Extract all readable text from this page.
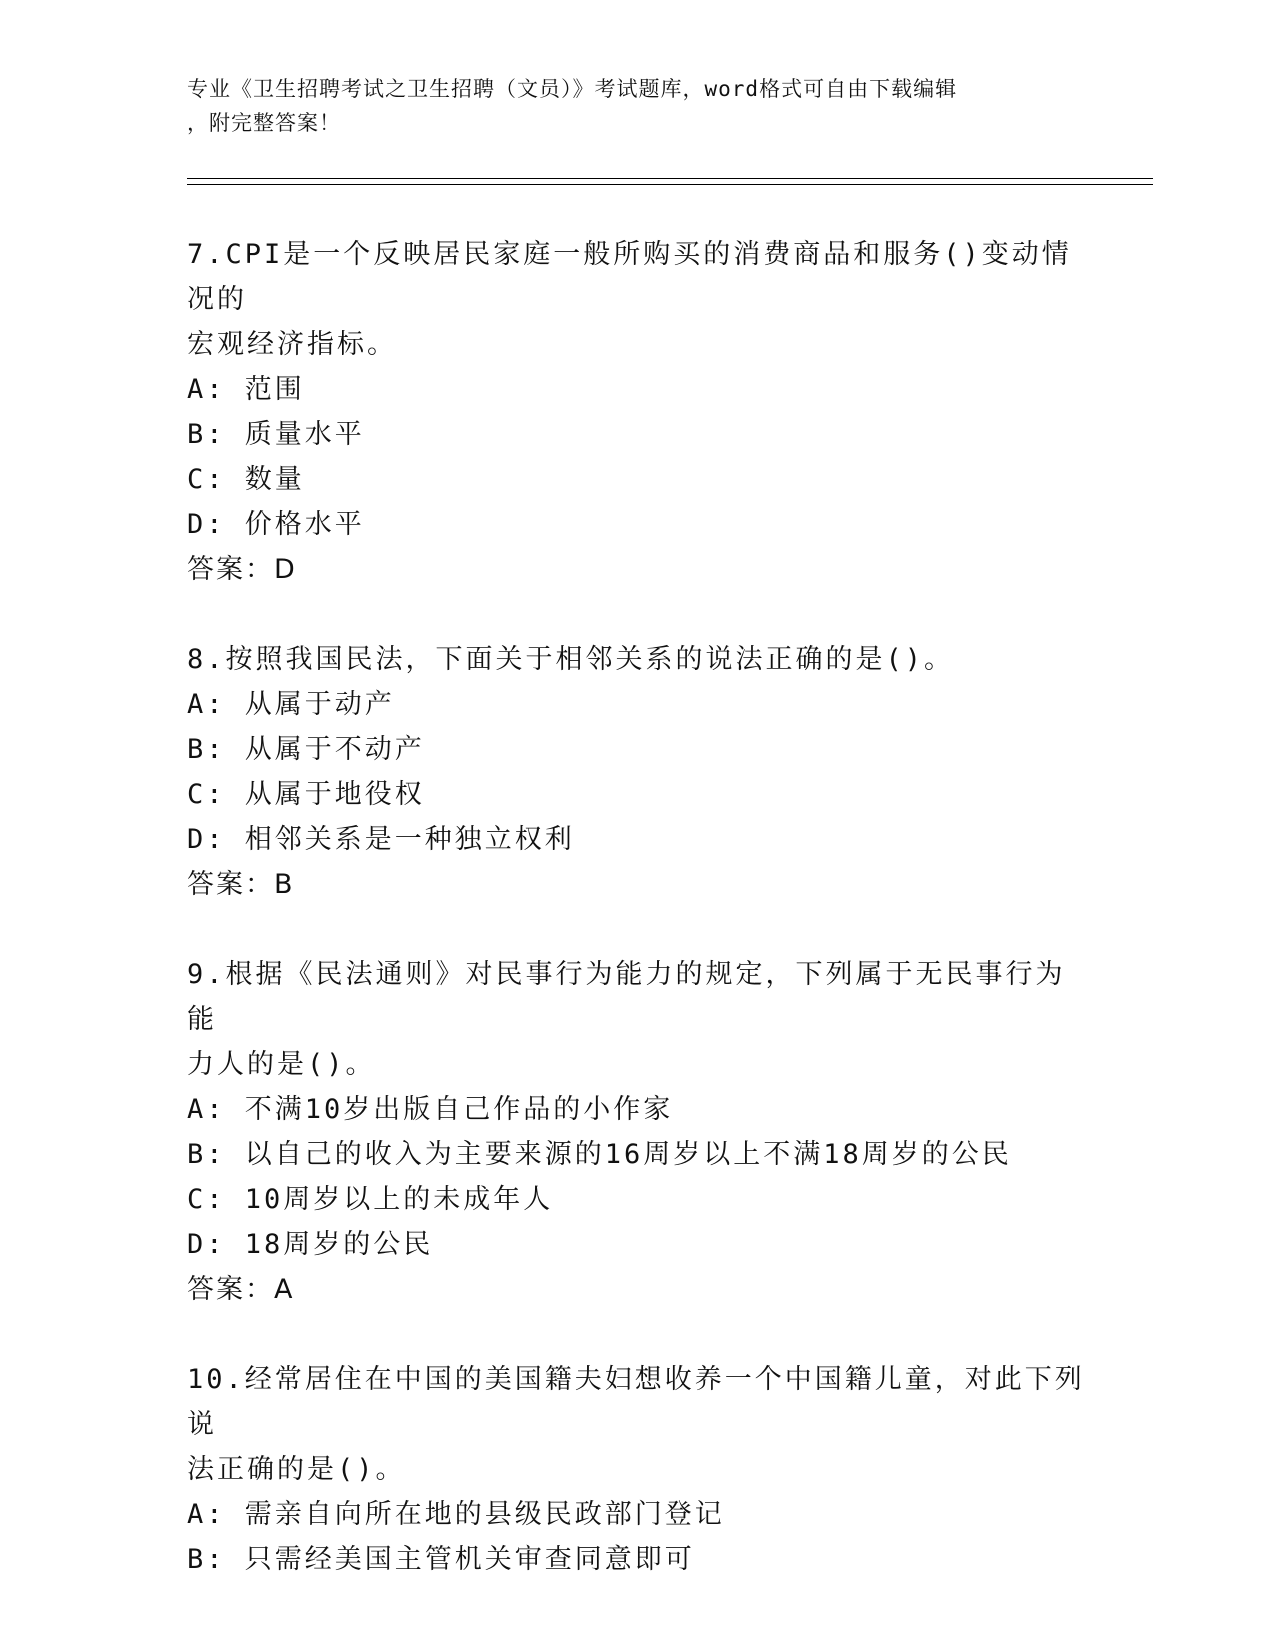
专业《卫生招聘考试之卫生招聘（文员）》考试题库，word格式可自由下载编辑
，附完整答案！
7.CPI是一个反映居民家庭一般所购买的消费商品和服务()变动情况的
宏观经济指标。
A: 范围
B: 质量水平
C: 数量
D: 价格水平
答案：D
8.按照我国民法，下面关于相邻关系的说法正确的是()。
A: 从属于动产
B: 从属于不动产
C: 从属于地役权
D: 相邻关系是一种独立权利
答案：B
9.根据《民法通则》对民事行为能力的规定，下列属于无民事行为能
力人的是()。
A: 不满10岁出版自己作品的小作家
B: 以自己的收入为主要来源的16周岁以上不满18周岁的公民
C: 10周岁以上的未成年人
D: 18周岁的公民
答案：A
10.经常居住在中国的美国籍夫妇想收养一个中国籍儿童，对此下列说
法正确的是()。
A: 需亲自向所在地的县级民政部门登记
B: 只需经美国主管机关审查同意即可
